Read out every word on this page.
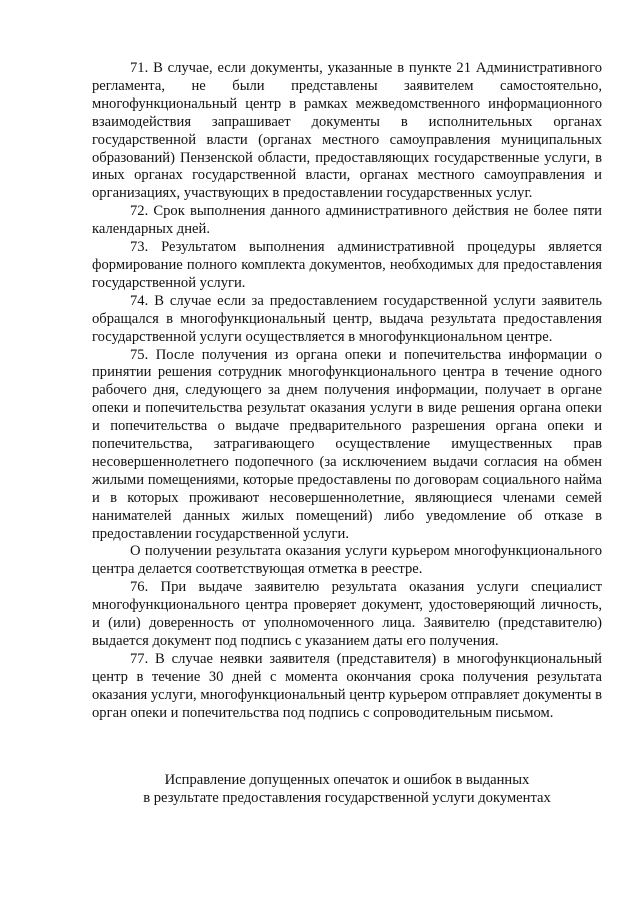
71. В случае, если документы, указанные в пункте 21 Административного регламента, не были представлены заявителем самостоятельно, многофункциональный центр в рамках межведомственного информационного взаимодействия запрашивает документы в исполнительных органах государственной власти (органах местного самоуправления муниципальных образований) Пензенской области, предоставляющих государственные услуги, в иных органах государственной власти, органах местного самоуправления и организациях, участвующих в предоставлении государственных услуг.

72. Срок выполнения данного административного действия не более пяти календарных дней.

73. Результатом выполнения административной процедуры является формирование полного комплекта документов, необходимых для предоставления государственной услуги.

74. В случае если за предоставлением государственной услуги заявитель обращался в многофункциональный центр, выдача результата предоставления государственной услуги осуществляется в многофункциональном центре.

75. После получения из органа опеки и попечительства информации о принятии решения сотрудник многофункционального центра в течение одного рабочего дня, следующего за днем получения информации, получает в органе опеки и попечительства результат оказания услуги в виде решения органа опеки и попечительства о выдаче предварительного разрешения органа опеки и попечительства, затрагивающего осуществление имущественных прав несовершеннолетнего подопечного (за исключением выдачи согласия на обмен жилыми помещениями, которые предоставлены по договорам социального найма и в которых проживают несовершеннолетние, являющиеся членами семей нанимателей данных жилых помещений) либо уведомление об отказе в предоставлении государственной услуги.

О получении результата оказания услуги курьером многофункционального центра делается соответствующая отметка в реестре.

76. При выдаче заявителю результата оказания услуги специалист многофункционального центра проверяет документ, удостоверяющий личность, и (или) доверенность от уполномоченного лица. Заявителю (представителю) выдается документ под подпись с указанием даты его получения.

77. В случае неявки заявителя (представителя) в многофункциональный центр в течение 30 дней с момента окончания срока получения результата оказания услуги, многофункциональный центр курьером отправляет документы в орган опеки и попечительства под подпись с сопроводительным письмом.

Исправление допущенных опечаток и ошибок в выданных
в результате предоставления государственной услуги документах
